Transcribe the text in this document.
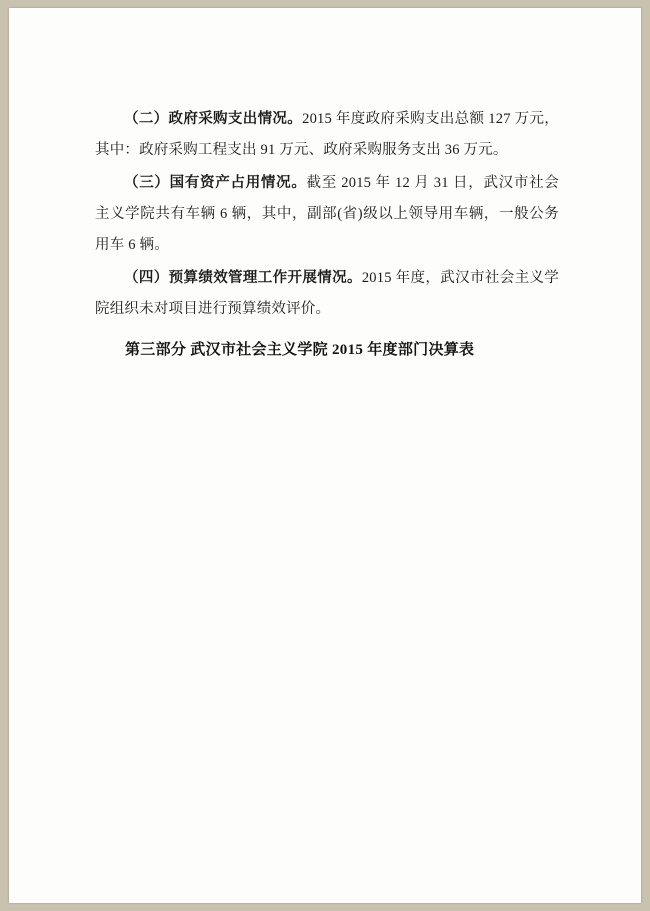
（二）政府采购支出情况。2015 年度政府采购支出总额 127 万元，其中：政府采购工程支出 91 万元、政府采购服务支出 36 万元。

（三）国有资产占用情况。截至 2015 年 12 月 31 日，武汉市社会主义学院共有车辆 6 辆，其中，副部(省)级以上领导用车辆，一般公务用车 6 辆。

（四）预算绩效管理工作开展情况。2015 年度，武汉市社会主义学院组织未对项目进行预算绩效评价。

第三部分 武汉市社会主义学院 2015 年度部门决算表
